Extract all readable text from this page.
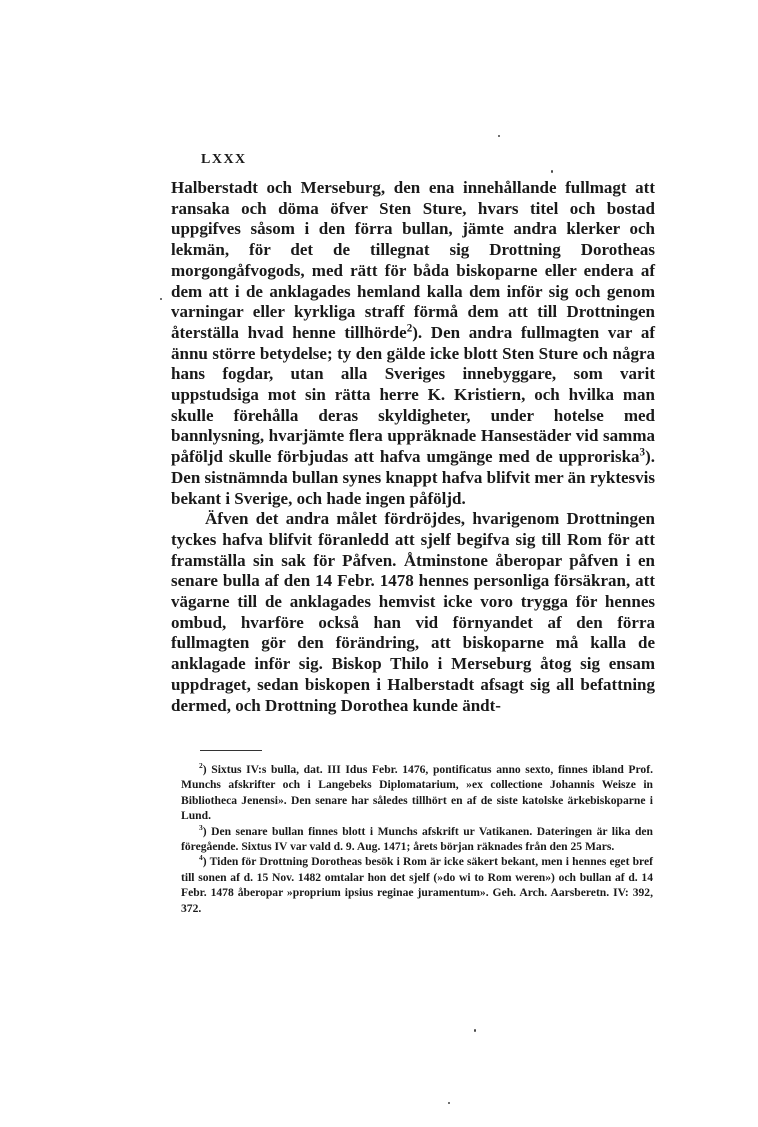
LXXX

Halberstadt och Merseburg, den ena innehållande fullmagt att ransaka och döma öfver Sten Sture, hvars titel och bostad uppgifves såsom i den förra bullan, jämte andra klerker och lekmän, för det de tillegnat sig Drottning Dorotheas morgongåfvogods, med rätt för båda biskoparne eller endera af dem att i de anklagades hemland kalla dem inför sig och genom varningar eller kyrkliga straff förmå dem att till Drottningen återställa hvad henne tillhörde$^2$). Den andra fullmagten var af ännu större betydelse; ty den gälde icke blott Sten Sture och några hans fogdar, utan alla Sveriges innebyggare, som varit uppstudsiga mot sin rätta herre K. Kristiern, och hvilka man skulle förehålla deras skyldigheter, under hotelse med bannlysning, hvarjämte flera uppräknade Hansestäder vid samma påföljd skulle förbjudas att hafva umgänge med de upproriska$^3$). Den sistnämnda bullan synes knappt hafva blifvit mer än ryktesvis bekant i Sverige, och hade ingen påföljd.

Äfven det andra målet fördröjdes, hvarigenom Drottningen tyckes hafva blifvit föranledd att sjelf begifva sig till Rom för att framställa sin sak för Påfven. Åtminstone åberopar påfven i en senare bulla af den 14 Febr. 1478 hennes personliga försäkran, att vägarne till de anklagades hemvist icke voro trygga för hennes ombud, hvarföre också han vid förnyandet af den förra fullmagten gör den förändring, att biskoparne må kalla de anklagade inför sig. Biskop Thilo i Merseburg åtog sig ensam uppdraget, sedan biskopen i Halberstadt afsagt sig all befattning dermed, och Drottning Dorothea kunde ändt-

$^2$) Sixtus IV:s bulla, dat. III Idus Febr. 1476, pontificatus anno sexto, finnes ibland Prof. Munchs afskrifter och i Langebeks Diplomatarium, »ex collectione Johannis Weisze in Bibliotheca Jenensi». Den senare har således tillhört en af de siste katolske ärkebiskoparne i Lund.

$^3$) Den senare bullan finnes blott i Munchs afskrift ur Vatikanen. Dateringen är lika den föregående. Sixtus IV var vald d. 9. Aug. 1471; årets början räknades från den 25 Mars.

$^4$) Tiden för Drottning Dorotheas besök i Rom är icke säkert bekant, men i hennes eget bref till sonen af d. 15 Nov. 1482 omtalar hon det sjelf (»do wi to Rom weren») och bullan af d. 14 Febr. 1478 åberopar »proprium ipsius reginae juramentum». Geh. Arch. Aarsberetn. IV: 392, 372.
